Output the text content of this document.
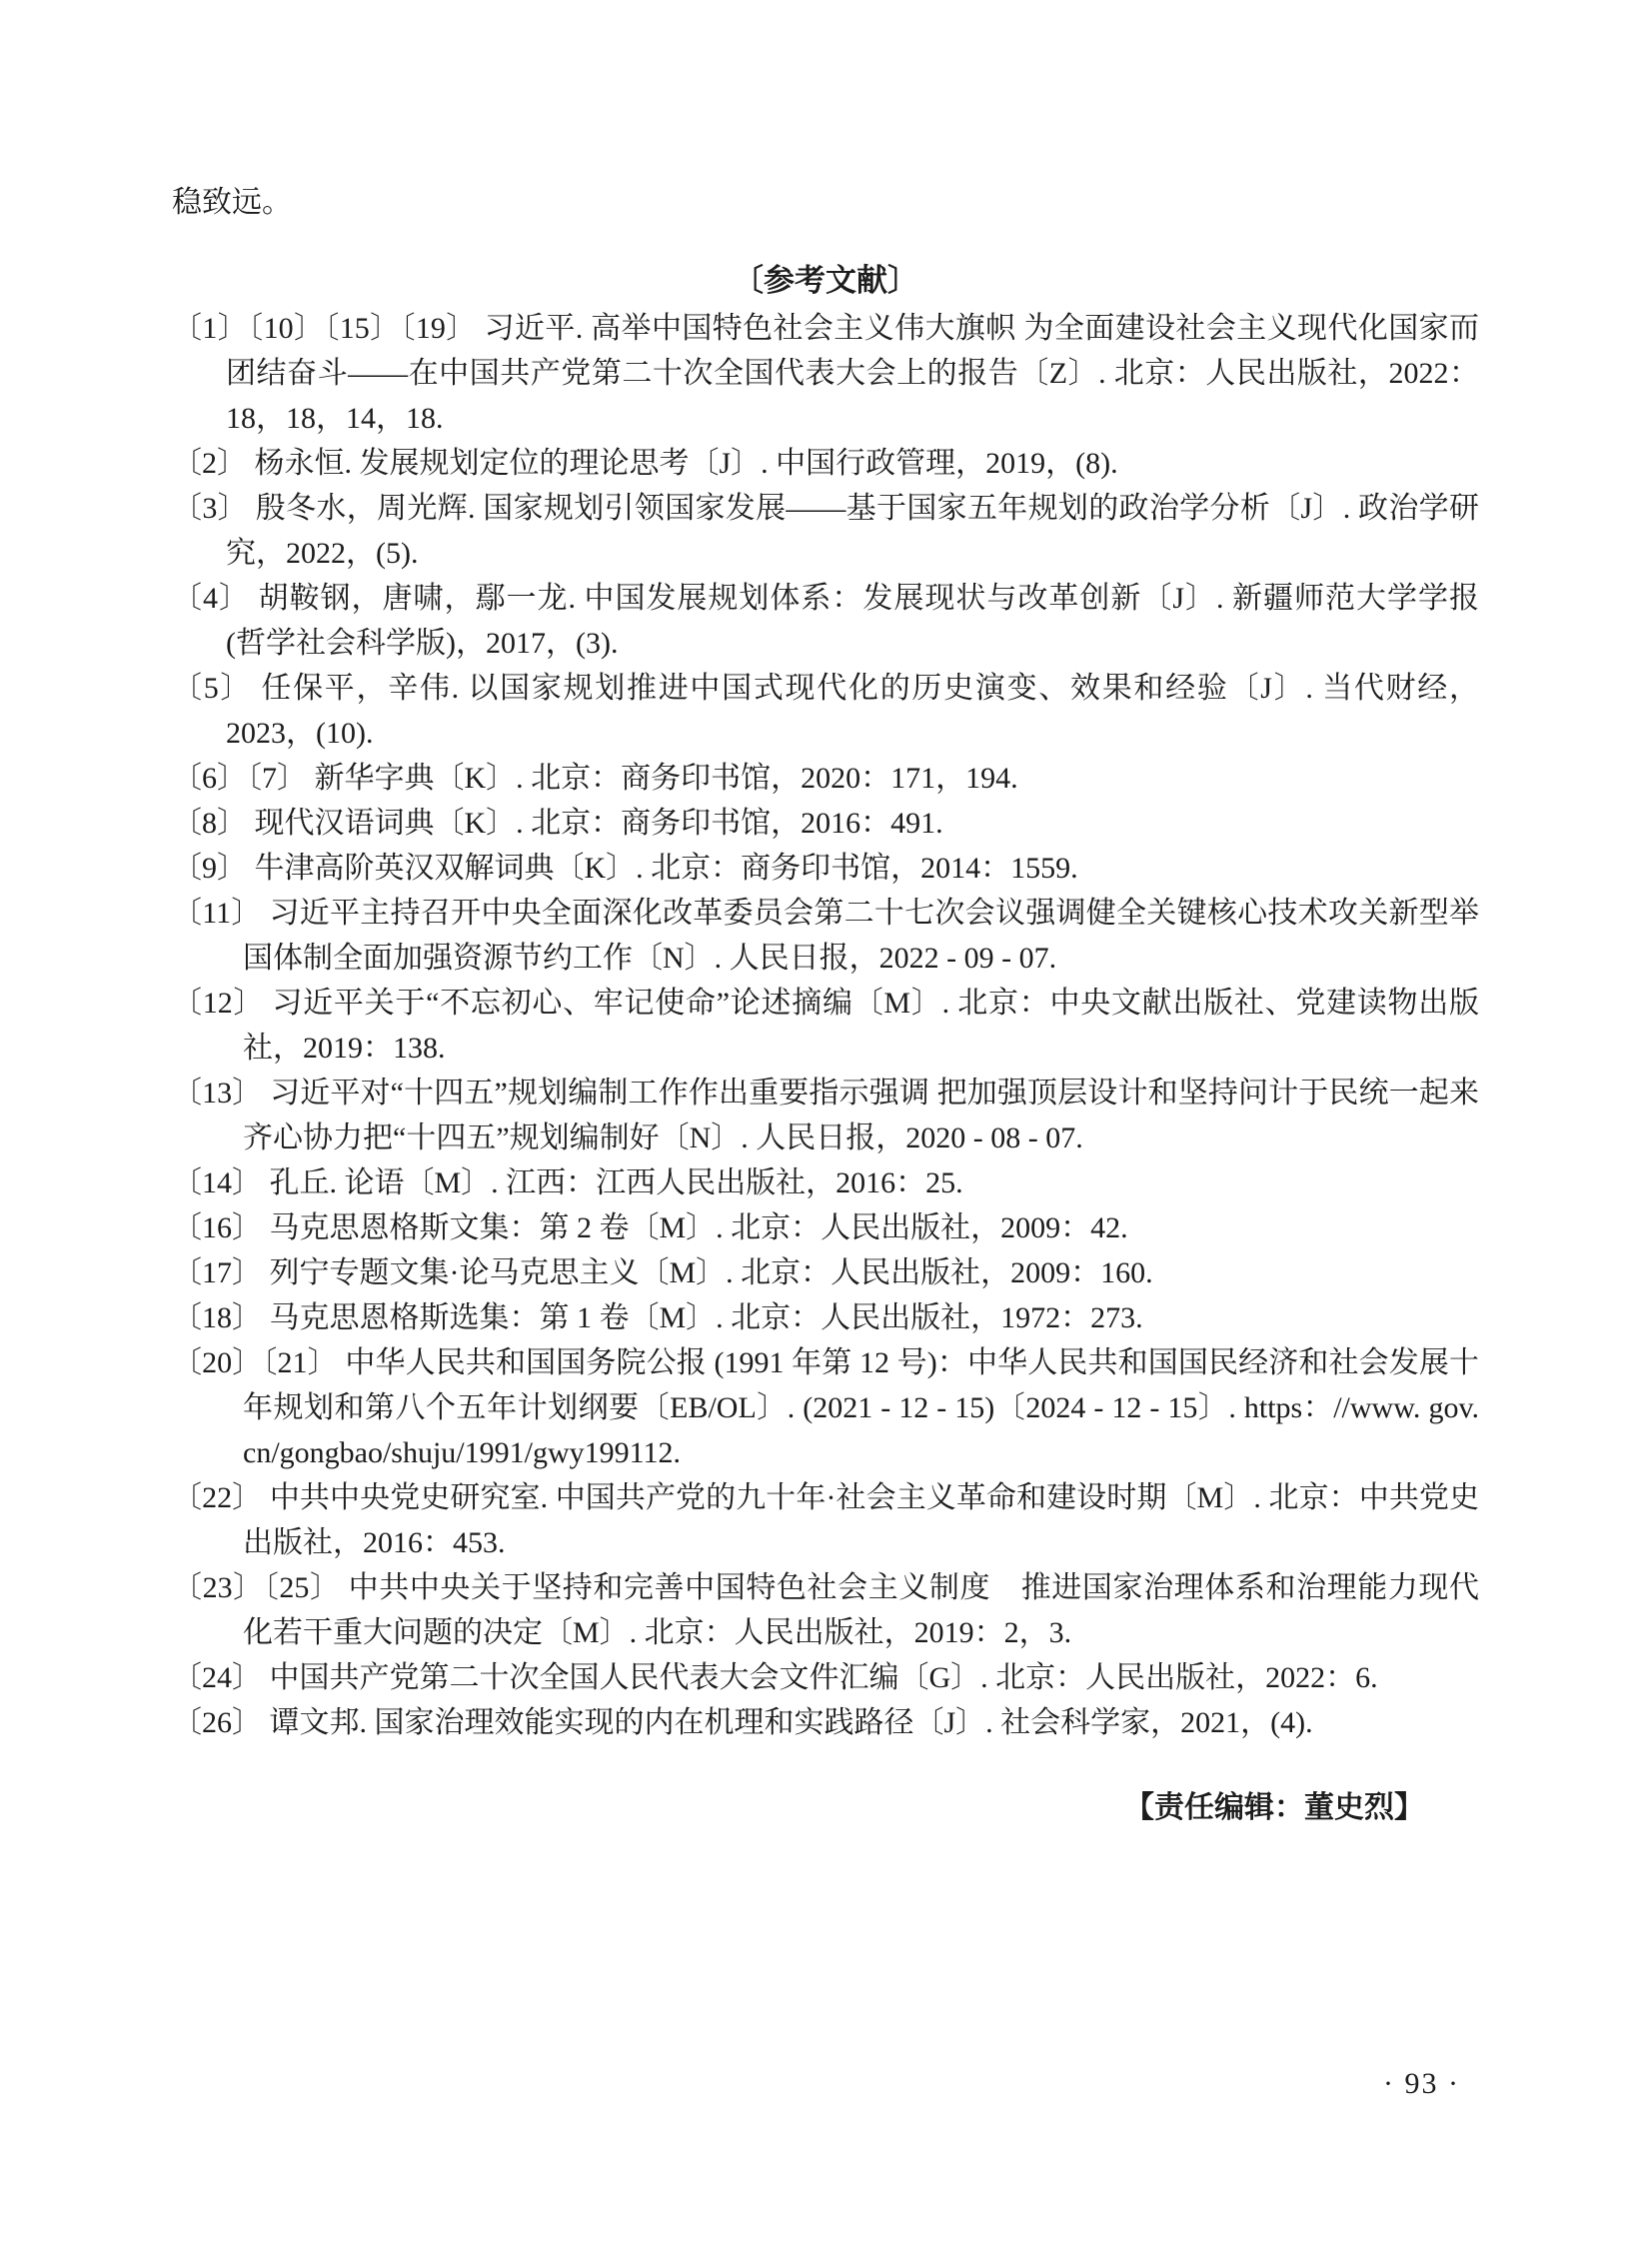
稳致远。

〔参考文献〕
〔1〕〔10〕〔15〕〔19〕 习近平. 高举中国特色社会主义伟大旗帜 为全面建设社会主义现代化国家而团结奋斗——在中国共产党第二十次全国代表大会上的报告〔Z〕. 北京：人民出版社，2022：18，18，14，18.
〔2〕 杨永恒. 发展规划定位的理论思考〔J〕. 中国行政管理，2019，(8).
〔3〕 殷冬水，周光辉. 国家规划引领国家发展——基于国家五年规划的政治学分析〔J〕. 政治学研究，2022，(5).
〔4〕 胡鞍钢，唐啸，鄢一龙. 中国发展规划体系：发展现状与改革创新〔J〕. 新疆师范大学学报 (哲学社会科学版)，2017，(3).
〔5〕 任保平，辛伟. 以国家规划推进中国式现代化的历史演变、效果和经验〔J〕. 当代财经，2023，(10).
〔6〕〔7〕 新华字典〔K〕. 北京：商务印书馆，2020：171，194.
〔8〕 现代汉语词典〔K〕. 北京：商务印书馆，2016：491.
〔9〕 牛津高阶英汉双解词典〔K〕. 北京：商务印书馆，2014：1559.
〔11〕 习近平主持召开中央全面深化改革委员会第二十七次会议强调健全关键核心技术攻关新型举国体制全面加强资源节约工作〔N〕. 人民日报，2022 - 09 - 07.
〔12〕 习近平关于“不忘初心、牢记使命”论述摘编〔M〕. 北京：中央文献出版社、党建读物出版社，2019：138.
〔13〕 习近平对“十四五”规划编制工作作出重要指示强调 把加强顶层设计和坚持问计于民统一起来 齐心协力把“十四五”规划编制好〔N〕. 人民日报，2020 - 08 - 07.
〔14〕 孔丘. 论语〔M〕. 江西：江西人民出版社，2016：25.
〔16〕 马克思恩格斯文集：第 2 卷〔M〕. 北京：人民出版社，2009：42.
〔17〕 列宁专题文集·论马克思主义〔M〕. 北京：人民出版社，2009：160.
〔18〕 马克思恩格斯选集：第 1 卷〔M〕. 北京：人民出版社，1972：273.
〔20〕〔21〕 中华人民共和国国务院公报 (1991 年第 12 号)：中华人民共和国国民经济和社会发展十年规划和第八个五年计划纲要〔EB/OL〕. (2021 - 12 - 15)〔2024 - 12 - 15〕. https：//www. gov. cn/gongbao/shuju/1991/gwy199112.
〔22〕 中共中央党史研究室. 中国共产党的九十年·社会主义革命和建设时期〔M〕. 北京：中共党史出版社，2016：453.
〔23〕〔25〕 中共中央关于坚持和完善中国特色社会主义制度　推进国家治理体系和治理能力现代化若干重大问题的决定〔M〕. 北京：人民出版社，2019：2，3.
〔24〕 中国共产党第二十次全国人民代表大会文件汇编〔G〕. 北京：人民出版社，2022：6.
〔26〕 谭文邦. 国家治理效能实现的内在机理和实践路径〔J〕. 社会科学家，2021，(4).

【责任编辑：董史烈】

· 93 ·
